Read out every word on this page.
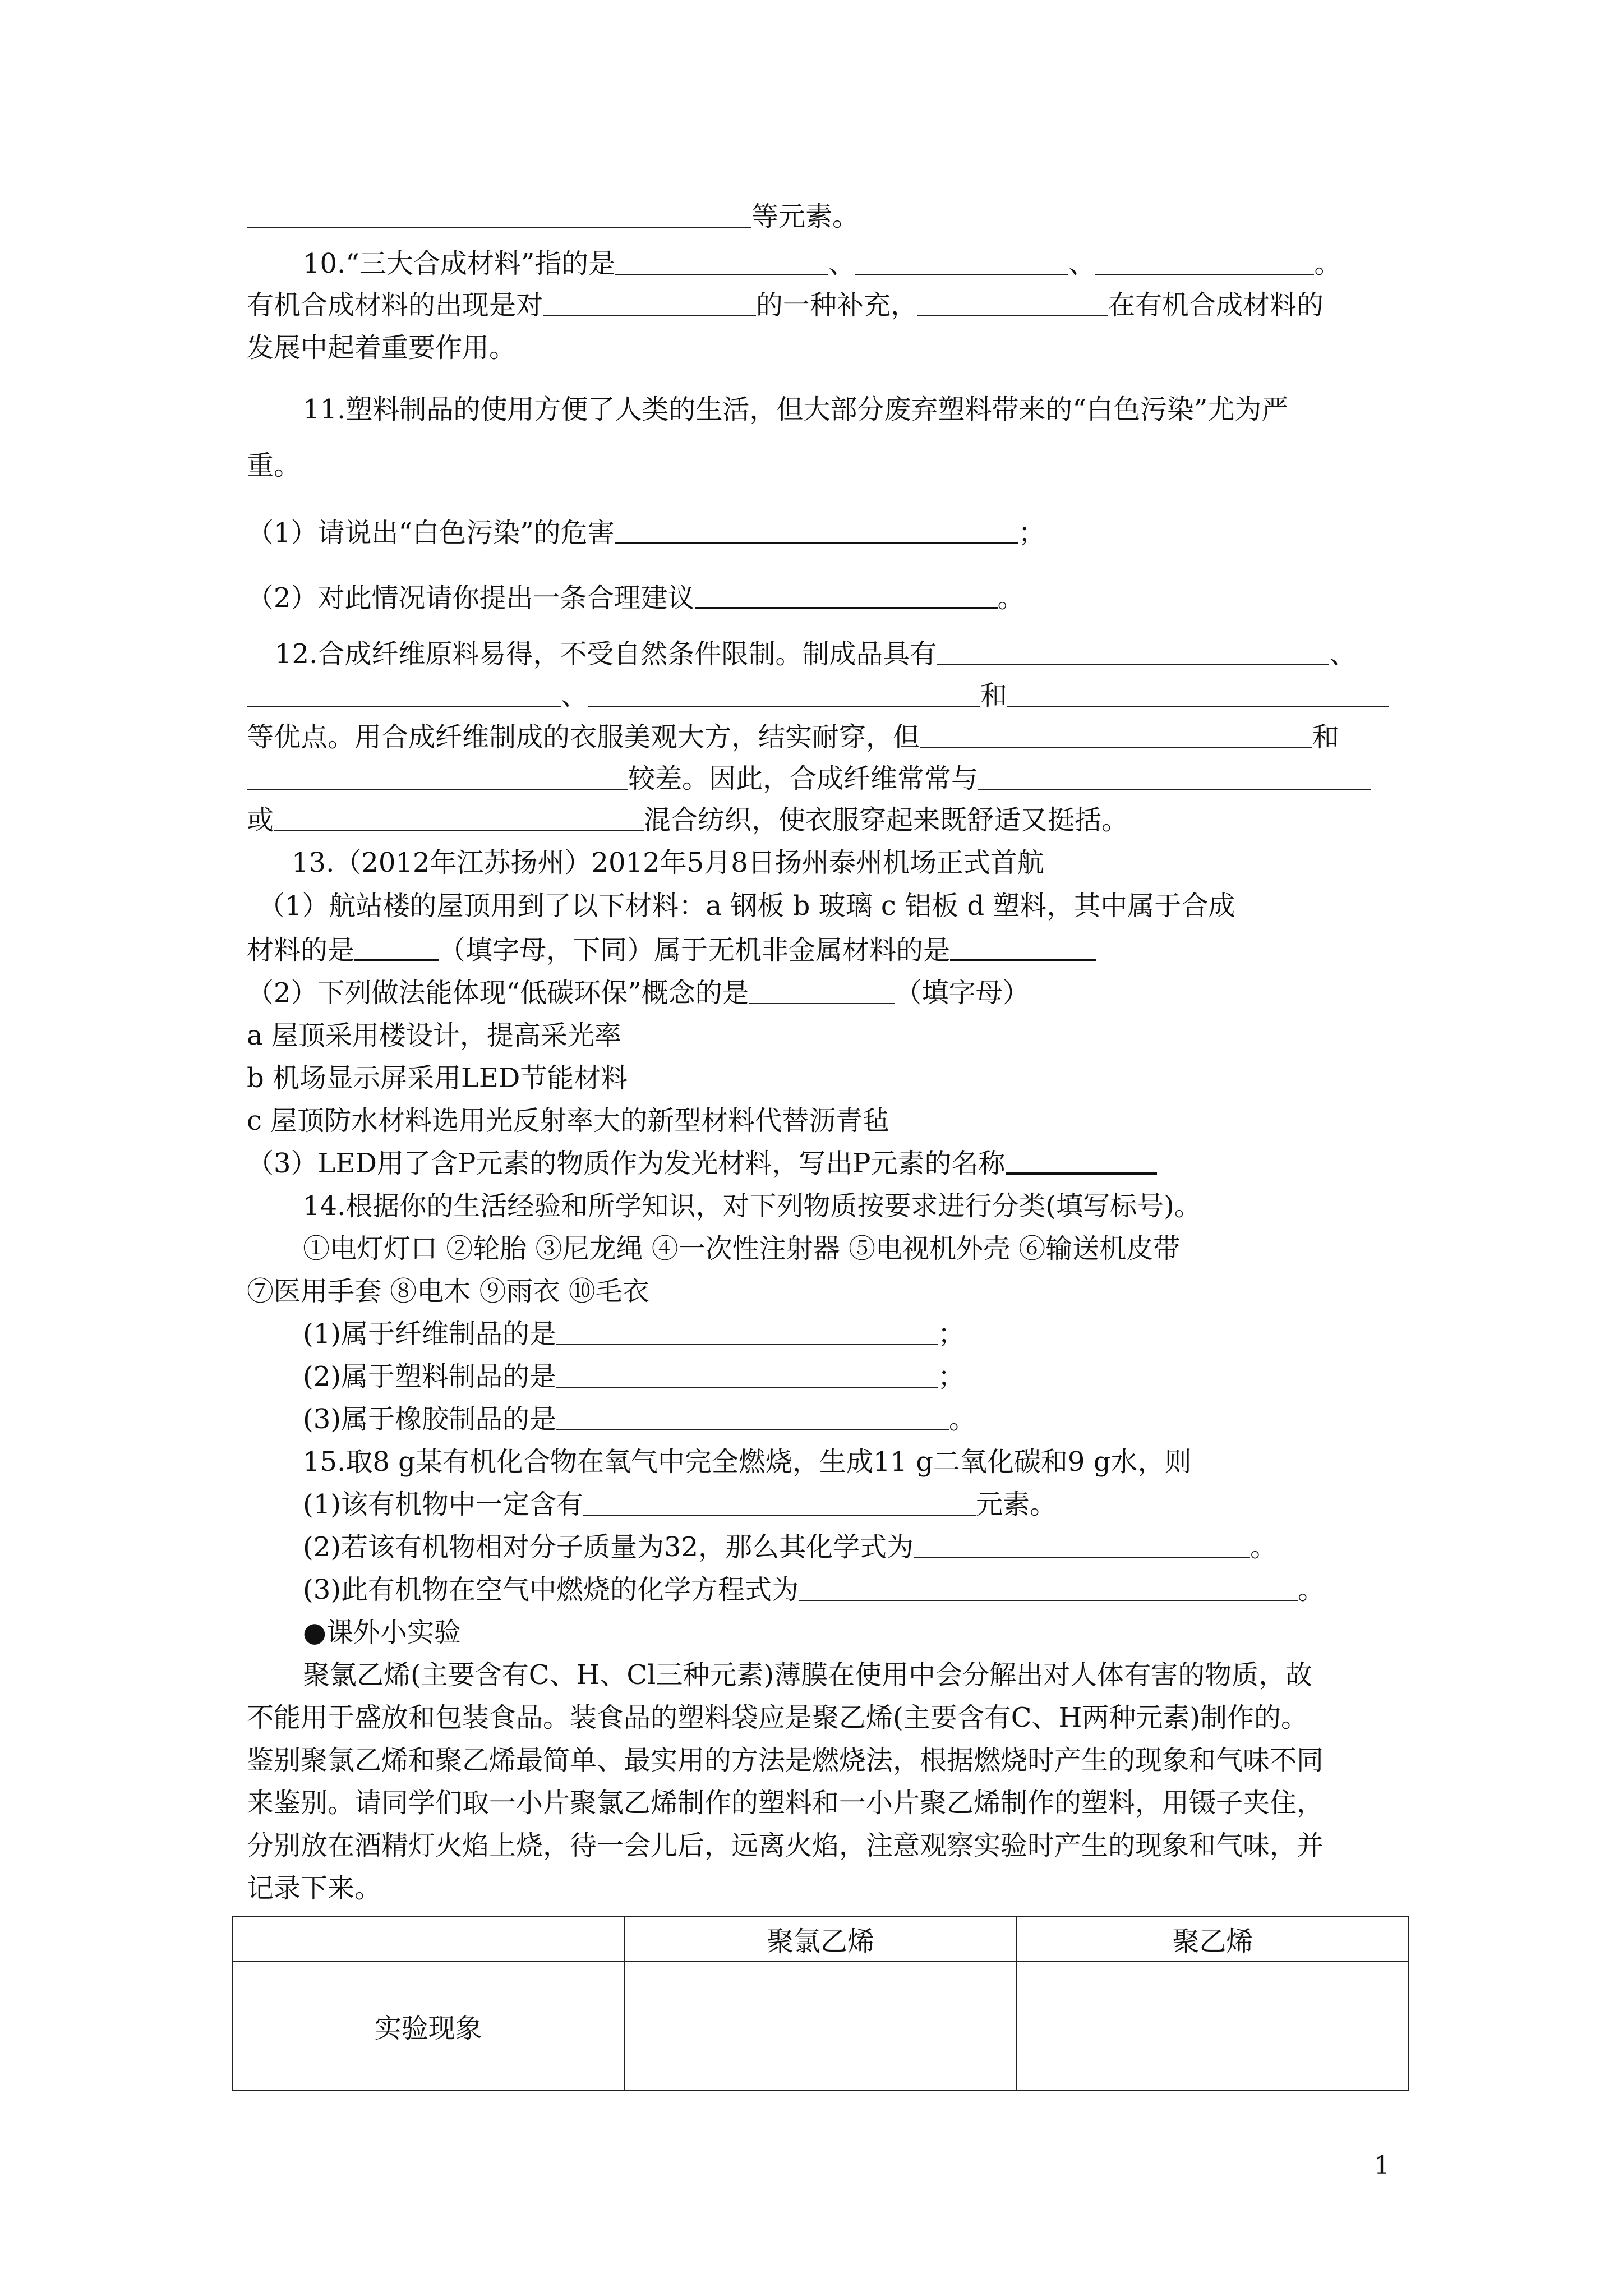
等元素。
10.“三大合成材料”指的是	、	、	。
有机合成材料的出现是对	的一种补充，	在有机合成材料的
发展中起着重要作用。
11.塑料制品的使用方便了人类的生活，但大部分废弃塑料带来的“白色污染”尤为严
重。
（1）请说出“白色污染”的危害	；
（2）对此情况请你提出一条合理建议	。
12.合成纤维原料易得，不受自然条件限制。制成品具有	、
、	和
等优点。用合成纤维制成的衣服美观大方，结实耐穿，但	和
较差。因此，合成纤维常常与
或	混合纺织，使衣服穿起来既舒适又挺括。
13.（2012年江苏扬州）2012年5月8日扬州泰州机场正式首航
（1）航站楼的屋顶用到了以下材料：a 钢板 b 玻璃 c 铝板 d 塑料，其中属于合成
材料的是	（填字母，下同）属于无机非金属材料的是
（2）下列做法能体现“低碳环保”概念的是	（填字母）
a 屋顶采用楼设计，提高采光率
b 机场显示屏采用LED节能材料
c 屋顶防水材料选用光反射率大的新型材料代替沥青毡
（3）LED用了含P元素的物质作为发光材料，写出P元素的名称
14.根据你的生活经验和所学知识，对下列物质按要求进行分类(填写标号)。
①电灯灯口 ②轮胎 ③尼龙绳 ④一次性注射器 ⑤电视机外壳 ⑥输送机皮带
⑦医用手套 ⑧电木 ⑨雨衣 ⑩毛衣
(1)属于纤维制品的是	；
(2)属于塑料制品的是	；
(3)属于橡胶制品的是	。
15.取8 g某有机化合物在氧气中完全燃烧，生成11 g二氧化碳和9 g水，则
(1)该有机物中一定含有	元素。
(2)若该有机物相对分子质量为32，那么其化学式为	。
(3)此有机物在空气中燃烧的化学方程式为	。
●课外小实验
聚氯乙烯(主要含有C、H、Cl三种元素)薄膜在使用中会分解出对人体有害的物质，故
不能用于盛放和包装食品。装食品的塑料袋应是聚乙烯(主要含有C、H两种元素)制作的。
鉴别聚氯乙烯和聚乙烯最简单、最实用的方法是燃烧法，根据燃烧时产生的现象和气味不同
来鉴别。请同学们取一小片聚氯乙烯制作的塑料和一小片聚乙烯制作的塑料，用镊子夹住，
分别放在酒精灯火焰上烧，待一会儿后，远离火焰，注意观察实验时产生的现象和气味，并
记录下来。
	聚氯乙烯	聚乙烯
实验现象		
1
